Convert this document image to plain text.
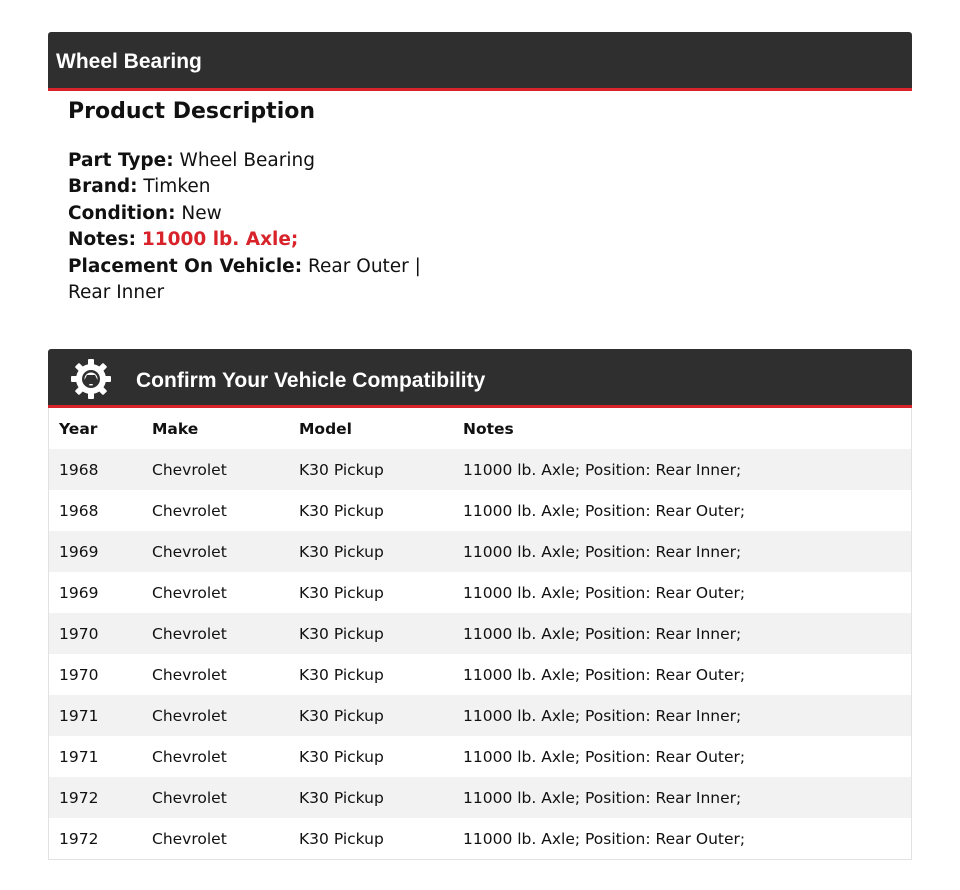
Wheel Bearing
Product Description
Part Type: Wheel Bearing
Brand: Timken
Condition: New
Notes: 11000 lb. Axle;
Placement On Vehicle: Rear Outer | Rear Inner
Confirm Your Vehicle Compatibility
Year	Make	Model	Notes
1968	Chevrolet	K30 Pickup	11000 lb. Axle; Position: Rear Inner;
1968	Chevrolet	K30 Pickup	11000 lb. Axle; Position: Rear Outer;
1969	Chevrolet	K30 Pickup	11000 lb. Axle; Position: Rear Inner;
1969	Chevrolet	K30 Pickup	11000 lb. Axle; Position: Rear Outer;
1970	Chevrolet	K30 Pickup	11000 lb. Axle; Position: Rear Inner;
1970	Chevrolet	K30 Pickup	11000 lb. Axle; Position: Rear Outer;
1971	Chevrolet	K30 Pickup	11000 lb. Axle; Position: Rear Inner;
1971	Chevrolet	K30 Pickup	11000 lb. Axle; Position: Rear Outer;
1972	Chevrolet	K30 Pickup	11000 lb. Axle; Position: Rear Inner;
1972	Chevrolet	K30 Pickup	11000 lb. Axle; Position: Rear Outer;
